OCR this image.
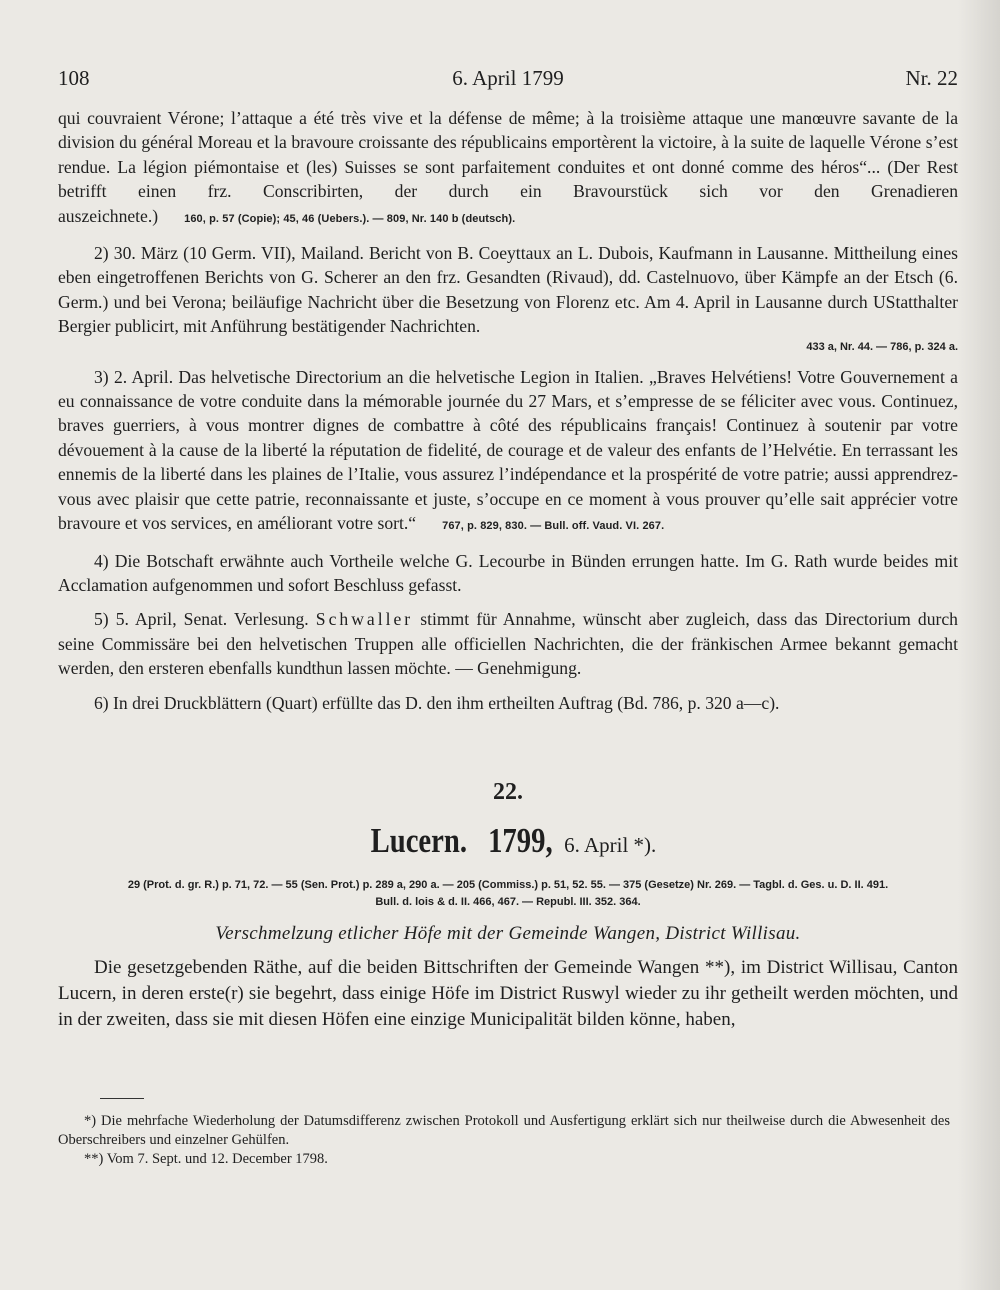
108	6. April 1799	Nr. 22

qui couvraient Vérone; l’attaque a été très vive et la défense de même; à la troisième attaque une manœuvre savante de la division du général Moreau et la bravoure croissante des républicains emportèrent la victoire, à la suite de laquelle Vérone s’est rendue. La légion piémontaise et (les) Suisses se sont parfaitement conduites et ont donné comme des héros“... (Der Rest betrifft einen frz. Conscribirten, der durch ein Bravourstück sich vor den Grenadieren auszeichnete.) 160, p. 57 (Copie); 45, 46 (Uebers.). — 809, Nr. 140 b (deutsch).

2) 30. März (10 Germ. VII), Mailand. Bericht von B. Coeyttaux an L. Dubois, Kaufmann in Lausanne. Mittheilung eines eben eingetroffenen Berichts von G. Scherer an den frz. Gesandten (Rivaud), dd. Castelnuovo, über Kämpfe an der Etsch (6. Germ.) und bei Verona; beiläufige Nachricht über die Besetzung von Florenz etc. Am 4. April in Lausanne durch UStatthalter Bergier publicirt, mit Anführung bestätigender Nachrichten.

433 a, Nr. 44. — 786, p. 324 a.

3) 2. April. Das helvetische Directorium an die helvetische Legion in Italien. „Braves Helvétiens! Votre Gouvernement a eu connaissance de votre conduite dans la mémorable journée du 27 Mars, et s’empresse de se féliciter avec vous. Continuez, braves guerriers, à vous montrer dignes de combattre à côté des républicains français! Continuez à soutenir par votre dévouement à la cause de la liberté la réputation de fidelité, de courage et de valeur des enfants de l’Helvétie. En terrassant les ennemis de la liberté dans les plaines de l’Italie, vous assurez l’indépendance et la prospérité de votre patrie; aussi apprendrez-vous avec plaisir que cette patrie, reconnaissante et juste, s’occupe en ce moment à vous prouver qu’elle sait apprécier votre bravoure et vos services, en améliorant votre sort.“ 767, p. 829, 830. — Bull. off. Vaud. VI. 267.

4) Die Botschaft erwähnte auch Vortheile welche G. Lecourbe in Bünden errungen hatte. Im G. Rath wurde beides mit Acclamation aufgenommen und sofort Beschluss gefasst.

5) 5. April, Senat. Verlesung. Schwaller stimmt für Annahme, wünscht aber zugleich, dass das Directorium durch seine Commissäre bei den helvetischen Truppen alle officiellen Nachrichten, die der fränkischen Armee bekannt gemacht werden, den ersteren ebenfalls kundthun lassen möchte. — Genehmigung.

6) In drei Druckblättern (Quart) erfüllte das D. den ihm ertheilten Auftrag (Bd. 786, p. 320 a—c).

22.
Lucern. 1799, 6. April *).
29 (Prot. d. gr. R.) p. 71, 72. — 55 (Sen. Prot.) p. 289 a, 290 a. — 205 (Commiss.) p. 51, 52. 55. — 375 (Gesetze) Nr. 269. — Tagbl. d. Ges. u. D. II. 491.
Bull. d. lois & d. II. 466, 467. — Republ. III. 352. 364.
Verschmelzung etlicher Höfe mit der Gemeinde Wangen, District Willisau.

Die gesetzgebenden Räthe, auf die beiden Bittschriften der Gemeinde Wangen **), im District Willisau, Canton Lucern, in deren erste(r) sie begehrt, dass einige Höfe im District Ruswyl wieder zu ihr getheilt werden möchten, und in der zweiten, dass sie mit diesen Höfen eine einzige Municipalität bilden könne, haben,

*) Die mehrfache Wiederholung der Datumsdifferenz zwischen Protokoll und Ausfertigung erklärt sich nur theilweise durch die Abwesenheit des Oberschreibers und einzelner Gehülfen.

**) Vom 7. Sept. und 12. December 1798.
